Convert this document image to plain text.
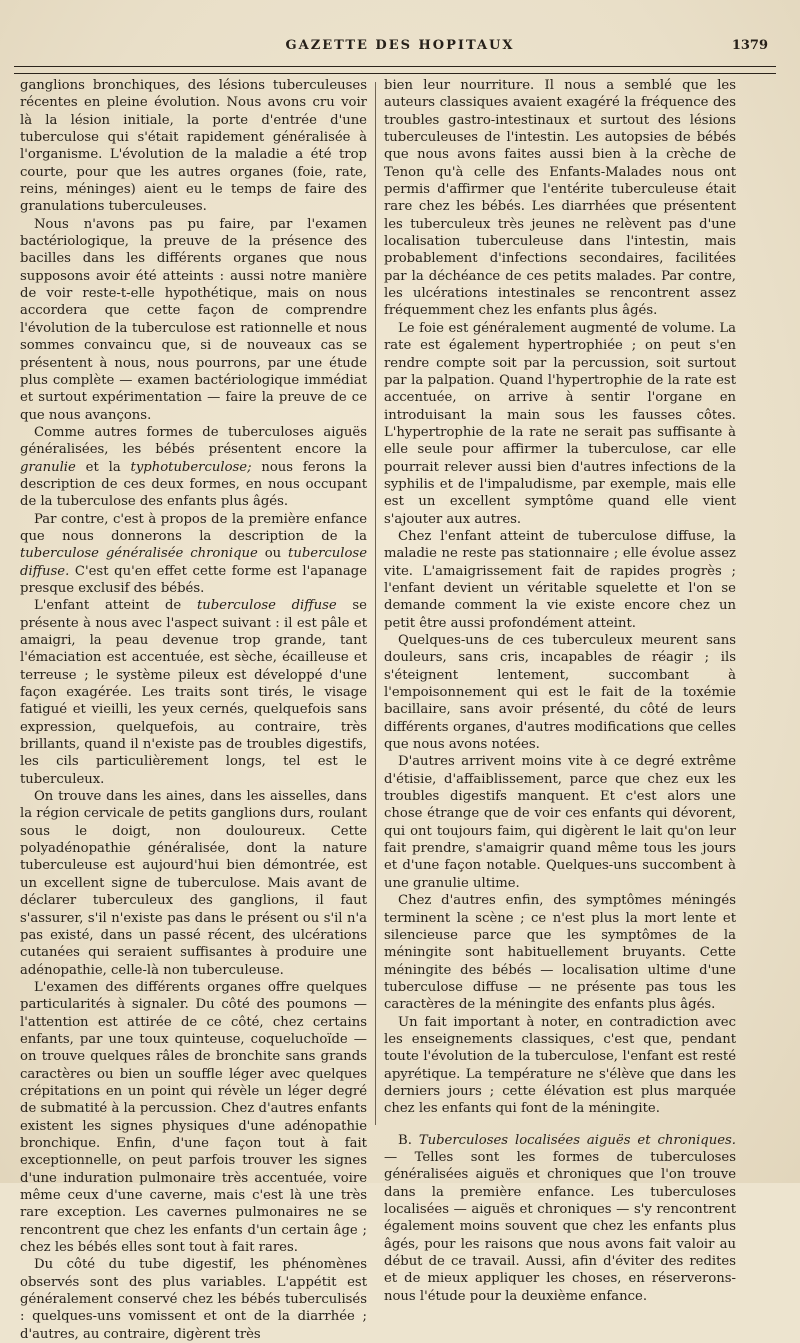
GAZETTE DES HOPITAUX	1379

ganglions bronchiques, des lésions tuberculeuses récentes en pleine évolution. Nous avons cru voir là la lésion initiale, la porte d'entrée d'une tuberculose qui s'était rapidement généralisée à l'organisme. L'évolution de la maladie a été trop courte, pour que les autres organes (foie, rate, reins, méninges) aient eu le temps de faire des granulations tuberculeuses.

Nous n'avons pas pu faire, par l'examen bactériologique, la preuve de la présence des bacilles dans les différents organes que nous supposons avoir été atteints : aussi notre manière de voir reste-t-elle hypothétique, mais on nous accordera que cette façon de comprendre l'évolution de la tuberculose est rationnelle et nous sommes convaincu que, si de nouveaux cas se présentent à nous, nous pourrons, par une étude plus complète — examen bactériologique immédiat et surtout expérimentation — faire la preuve de ce que nous avançons.

Comme autres formes de tuberculoses aiguës généralisées, les bébés présentent encore la granulie et la typhotuberculose; nous ferons la description de ces deux formes, en nous occupant de la tuberculose des enfants plus âgés.

Par contre, c'est à propos de la première enfance que nous donnerons la description de la tuberculose généralisée chronique ou tuberculose diffuse. C'est qu'en effet cette forme est l'apanage presque exclusif des bébés.

L'enfant atteint de tuberculose diffuse se présente à nous avec l'aspect suivant : il est pâle et amaigri, la peau devenue trop grande, tant l'émaciation est accentuée, est sèche, écailleuse et terreuse ; le système pileux est développé d'une façon exagérée. Les traits sont tirés, le visage fatigué et vieilli, les yeux cernés, quelquefois sans expression, quelquefois, au contraire, très brillants, quand il n'existe pas de troubles digestifs, les cils particulièrement longs, tel est le tuberculeux.

On trouve dans les aines, dans les aisselles, dans la région cervicale de petits ganglions durs, roulant sous le doigt, non douloureux. Cette polyadénopathie généralisée, dont la nature tuberculeuse est aujourd'hui bien démontrée, est un excellent signe de tuberculose. Mais avant de déclarer tuberculeux des ganglions, il faut s'assurer, s'il n'existe pas dans le présent ou s'il n'a pas existé, dans un passé récent, des ulcérations cutanées qui seraient suffisantes à produire une adénopathie, celle-là non tuberculeuse.

L'examen des différents organes offre quelques particularités à signaler. Du côté des poumons — l'attention est attirée de ce côté, chez certains enfants, par une toux quinteuse, coqueluchoïde — on trouve quelques râles de bronchite sans grands caractères ou bien un souffle léger avec quelques crépitations en un point qui révèle un léger degré de submatité à la percussion. Chez d'autres enfants existent les signes physiques d'une adénopathie bronchique. Enfin, d'une façon tout à fait exceptionnelle, on peut parfois trouver les signes d'une induration pulmonaire très accentuée, voire même ceux d'une caverne, mais c'est là une très rare exception. Les cavernes pulmonaires ne se rencontrent que chez les enfants d'un certain âge ; chez les bébés elles sont tout à fait rares.

Du côté du tube digestif, les phénomènes observés sont des plus variables. L'appétit est généralement conservé chez les bébés tuberculisés : quelques-uns vomissent et ont de la diarrhée ; d'autres, au contraire, digèrent très

bien leur nourriture. Il nous a semblé que les auteurs classiques avaient exagéré la fréquence des troubles gastro-intestinaux et surtout des lésions tuberculeuses de l'intestin. Les autopsies de bébés que nous avons faites aussi bien à la crèche de Tenon qu'à celle des Enfants-Malades nous ont permis d'affirmer que l'entérite tuberculeuse était rare chez les bébés. Les diarrhées que présentent les tuberculeux très jeunes ne relèvent pas d'une localisation tuberculeuse dans l'intestin, mais probablement d'infections secondaires, facilitées par la déchéance de ces petits malades. Par contre, les ulcérations intestinales se rencontrent assez fréquemment chez les enfants plus âgés.

Le foie est généralement augmenté de volume. La rate est également hypertrophiée ; on peut s'en rendre compte soit par la percussion, soit surtout par la palpation. Quand l'hypertrophie de la rate est accentuée, on arrive à sentir l'organe en introduisant la main sous les fausses côtes. L'hypertrophie de la rate ne serait pas suffisante à elle seule pour affirmer la tuberculose, car elle pourrait relever aussi bien d'autres infections de la syphilis et de l'impaludisme, par exemple, mais elle est un excellent symptôme quand elle vient s'ajouter aux autres.

Chez l'enfant atteint de tuberculose diffuse, la maladie ne reste pas stationnaire ; elle évolue assez vite. L'amaigrissement fait de rapides progrès ; l'enfant devient un véritable squelette et l'on se demande comment la vie existe encore chez un petit être aussi profondément atteint.

Quelques-uns de ces tuberculeux meurent sans douleurs, sans cris, incapables de réagir ; ils s'éteignent lentement, succombant à l'empoisonnement qui est le fait de la toxémie bacillaire, sans avoir présenté, du côté de leurs différents organes, d'autres modifications que celles que nous avons notées.

D'autres arrivent moins vite à ce degré extrême d'étisie, d'affaiblissement, parce que chez eux les troubles digestifs manquent. Et c'est alors une chose étrange que de voir ces enfants qui dévorent, qui ont toujours faim, qui digèrent le lait qu'on leur fait prendre, s'amaigrir quand même tous les jours et d'une façon notable. Quelques-uns succombent à une granulie ultime.

Chez d'autres enfin, des symptômes méningés terminent la scène ; ce n'est plus la mort lente et silencieuse parce que les symptômes de la méningite sont habituellement bruyants. Cette méningite des bébés — localisation ultime d'une tuberculose diffuse — ne présente pas tous les caractères de la méningite des enfants plus âgés.

Un fait important à noter, en contradiction avec les enseignements classiques, c'est que, pendant toute l'évolution de la tuberculose, l'enfant est resté apyrétique. La température ne s'élève que dans les derniers jours ; cette élévation est plus marquée chez les enfants qui font de la méningite.

B. Tuberculoses localisées aiguës et chroniques. — Telles sont les formes de tuberculoses généralisées aiguës et chroniques que l'on trouve dans la première enfance. Les tuberculoses localisées — aiguës et chroniques — s'y rencontrent également moins souvent que chez les enfants plus âgés, pour les raisons que nous avons fait valoir au début de ce travail. Aussi, afin d'éviter des redites et de mieux appliquer les choses, en réserverons-nous l'étude pour la deuxième enfance.
